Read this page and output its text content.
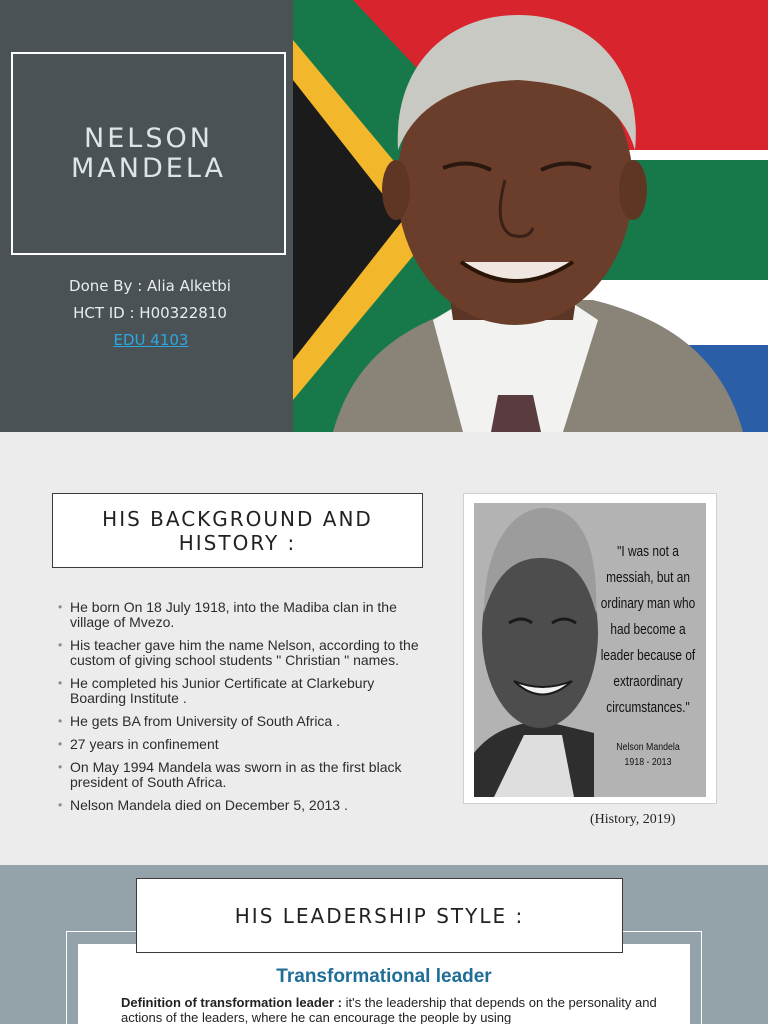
NELSON MANDELA
Done By : Alia Alketbi
HCT ID : H00322810
EDU 4103
HIS BACKGROUND AND HISTORY :
• He born On 18 July 1918, into the Madiba clan in the village of Mvezo.
• His teacher gave him the name Nelson, according to the custom of giving school students " Christian " names.
• He completed his Junior Certificate at Clarkebury Boarding Institute .
• He gets BA from University of South Africa .
• 27 years in confinement
• On May 1994 Mandela was sworn in as the first black president of South Africa.
• Nelson Mandela died on December 5, 2013 .
"I was not a
messiah, but an
ordinary man who
had become a
leader because of
extraordinary
circumstances."
Nelson Mandela
1918 - 2013
(History, 2019)
Transformational leader
Definition of transformation leader : it's the leadership that depends on the personality and actions of the leaders, where he can encourage the people by using
HIS LEADERSHIP STYLE :
